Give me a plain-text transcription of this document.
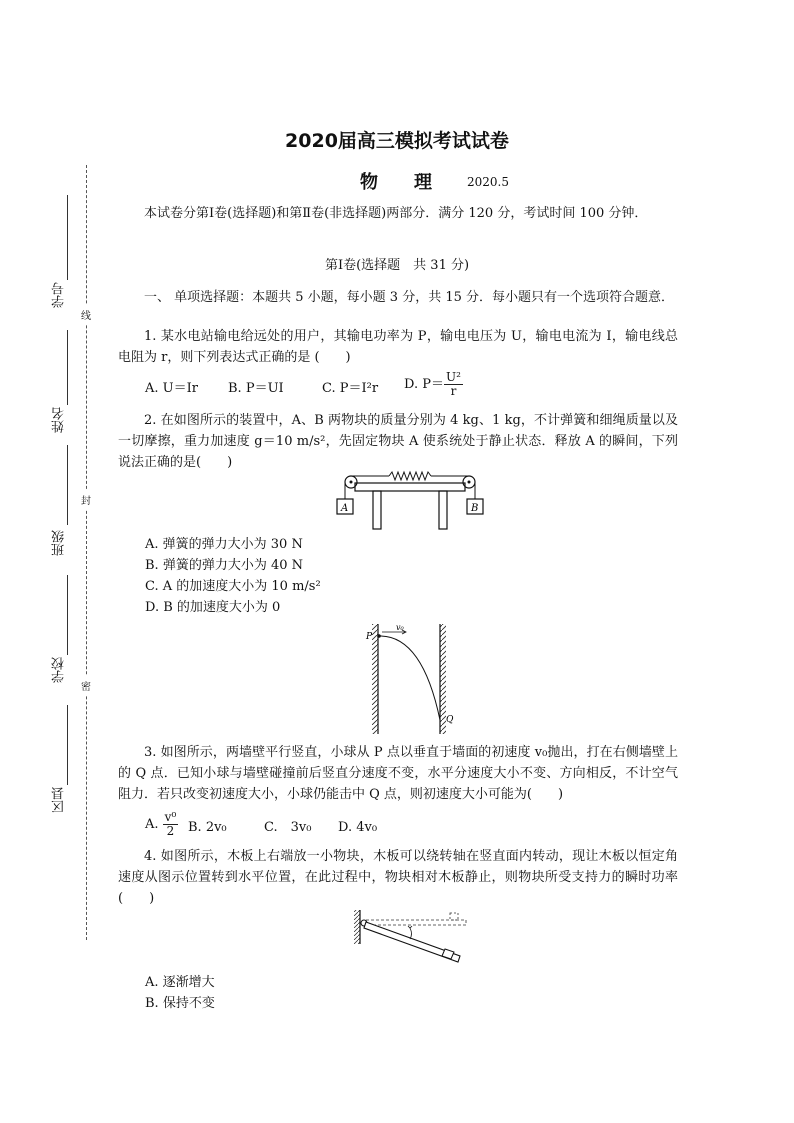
2020届高三模拟考试试卷
物　　理	2020.5
学号
姓名
班级
学校
区县
线
封
密
本试卷分第Ⅰ卷(选择题)和第Ⅱ卷(非选择题)两部分．满分 120 分，考试时间 100 分钟．
第Ⅰ卷(选择题　共 31 分)
一、 单项选择题：本题共 5 小题，每小题 3 分，共 15 分．每小题只有一个选项符合题意．
1. 某水电站输电给远处的用户，其输电功率为 P，输电电压为 U，输电电流为 I，输电线总电阻为 r，则下列表达式正确的是 (　　)
A. U＝Ir B. P＝UI	C. P＝I²r D. $P= \frac{\text{U²}}{r}$
2. 在如图所示的装置中，A、B 两物块的质量分别为 4 kg、1 kg，不计弹簧和细绳质量以及一切摩擦，重力加速度 g＝10 m/s²，先固定物块 A 使系统处于静止状态．释放 A 的瞬间，下列说法正确的是(　　)
A	B
A. 弹簧的弹力大小为 30 N
B. 弹簧的弹力大小为 40 N
C. A 的加速度大小为 10 m/s²
D. B 的加速度大小为 0
P
v₀
Q
3. 如图所示，两墙壁平行竖直，小球从 P 点以垂直于墙面的初速度 v₀抛出，打在右侧墙壁上的 Q 点．已知小球与墙壁碰撞前后竖直分速度不变，水平分速度大小不变、方向相反，不计空气阻力．若只改变初速度大小，小球仍能击中 Q 点，则初速度大小可能为(　　)
A. $\frac{\text{v⁰}}{2} B$. 2v₀	C.　3v₀ D. 4v₀
4. 如图所示，木板上右端放一小物块，木板可以绕转轴在竖直面内转动，现让木板以恒定角速度从图示位置转到水平位置，在此过程中，物块相对木板静止，则物块所受支持力的瞬时功率(　　)
A. 逐渐增大
B. 保持不变
